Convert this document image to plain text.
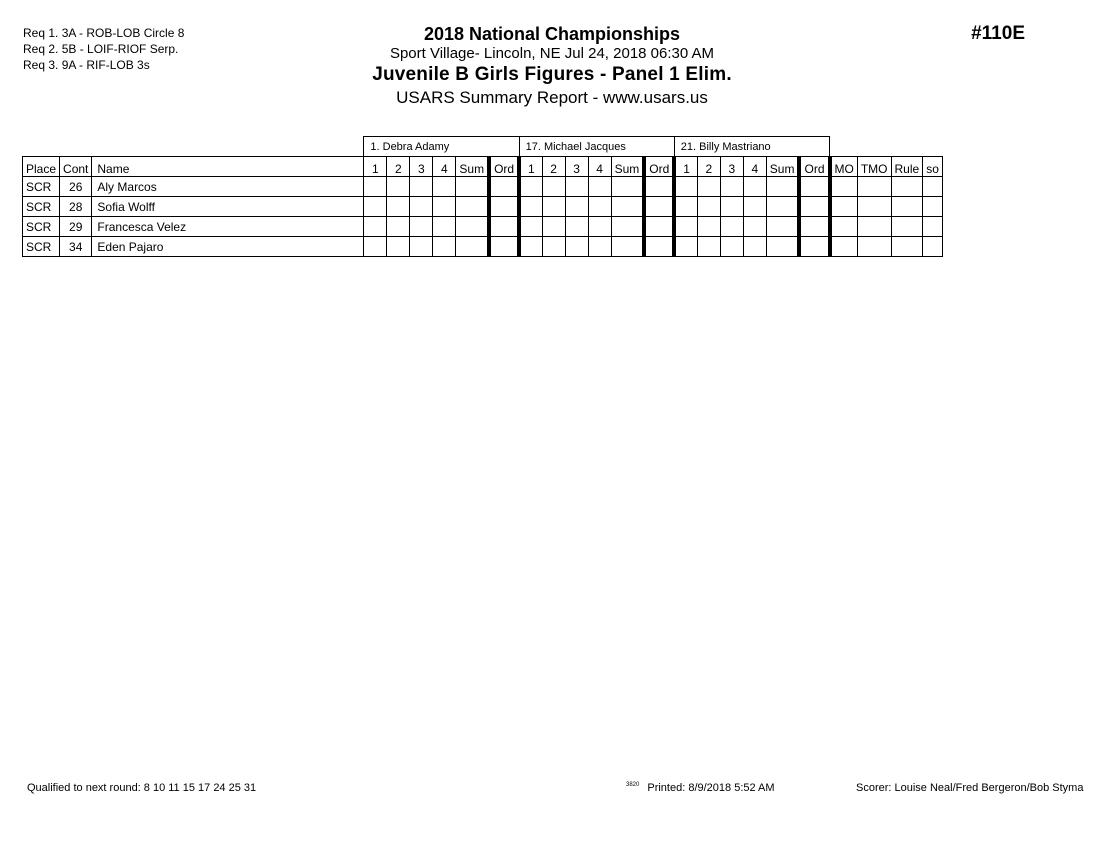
Req 1. 3A - ROB-LOB Circle 8
Req 2. 5B - LOIF-RIOF Serp.
Req 3. 9A - RIF-LOB 3s
2018 National Championships
Sport Village- Lincoln, NE Jul 24, 2018 06:30 AM
Juvenile B Girls Figures - Panel 1 Elim.
USARS Summary Report - www.usars.us
#110E
			1. Debra Adamy						17. Michael Jacques						21. Billy Mastriano									
Place	Cont	Name	1	2	3	4	Sum	Ord	1	2	3	4	Sum	Ord	1	2	3	4	Sum	Ord	MO	TMO	Rule	so
SCR	26	Aly Marcos																						
SCR	28	Sofia Wolff																						
SCR	29	Francesca Velez																						
SCR	34	Eden Pajaro																						
Qualified to next round: 8 10 11 15 17 24 25 31	$^{3820}$ Printed: 8/9/2018 5:52 AM	Scorer: Louise Neal/Fred Bergeron/Bob Styma
